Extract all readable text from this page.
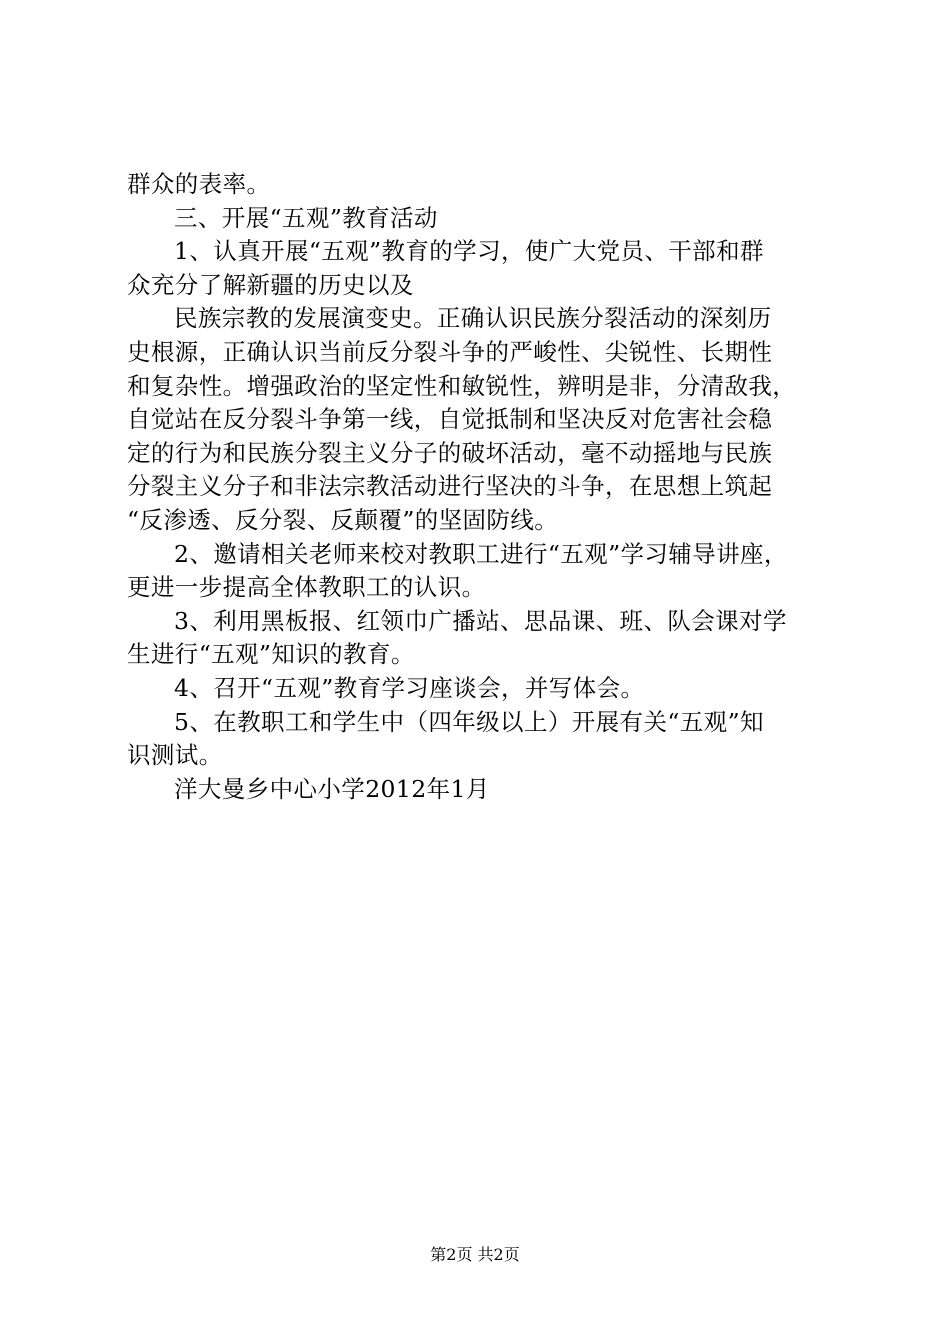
群众的表率。
三、开展“五观”教育活动
1、认真开展“五观”教育的学习，使广大党员、干部和群
众充分了解新疆的历史以及
民族宗教的发展演变史。正确认识民族分裂活动的深刻历
史根源，正确认识当前反分裂斗争的严峻性、尖锐性、长期性
和复杂性。增强政治的坚定性和敏锐性，辨明是非，分清敌我，
自觉站在反分裂斗争第一线，自觉抵制和坚决反对危害社会稳
定的行为和民族分裂主义分子的破坏活动，毫不动摇地与民族
分裂主义分子和非法宗教活动进行坚决的斗争，在思想上筑起
“反渗透、反分裂、反颠覆”的坚固防线。
2、邀请相关老师来校对教职工进行“五观”学习辅导讲座，
更进一步提高全体教职工的认识。
3、利用黑板报、红领巾广播站、思品课、班、队会课对学
生进行“五观”知识的教育。
4、召开“五观”教育学习座谈会，并写体会。
5、在教职工和学生中（四年级以上）开展有关“五观”知
识测试。
洋大曼乡中心小学2012年1月
第2页 共2页
